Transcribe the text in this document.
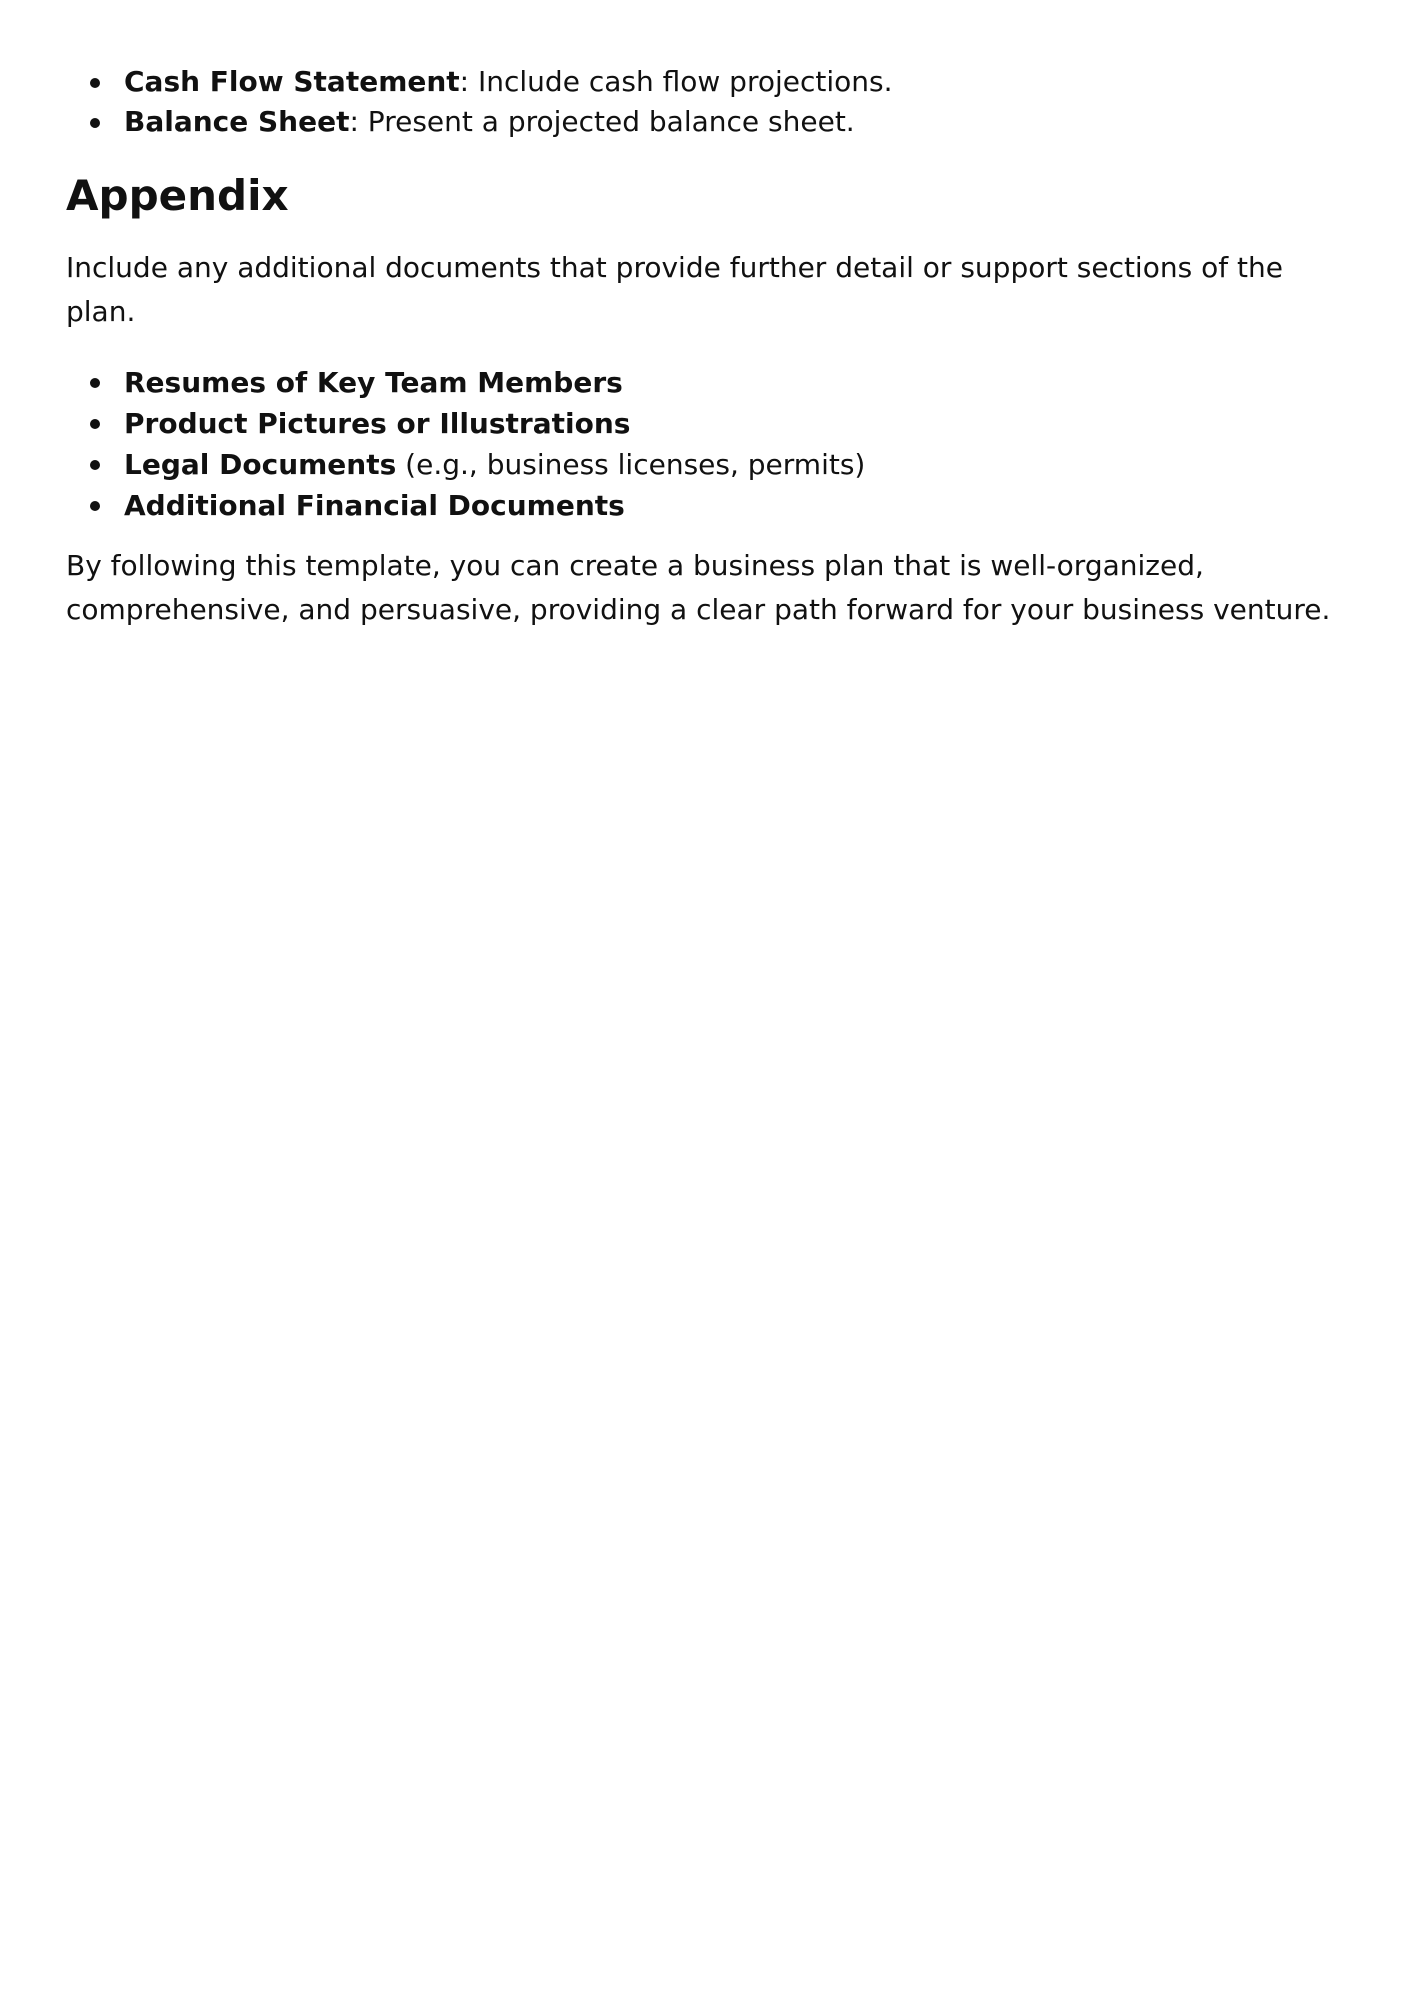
Cash Flow Statement: Include cash flow projections.
Balance Sheet: Present a projected balance sheet.
Appendix

Include any additional documents that provide further detail or support sections of the plan.

Resumes of Key Team Members
Product Pictures or Illustrations
Legal Documents (e.g., business licenses, permits)
Additional Financial Documents

By following this template, you can create a business plan that is well-organized, comprehensive, and persuasive, providing a clear path forward for your business venture.
